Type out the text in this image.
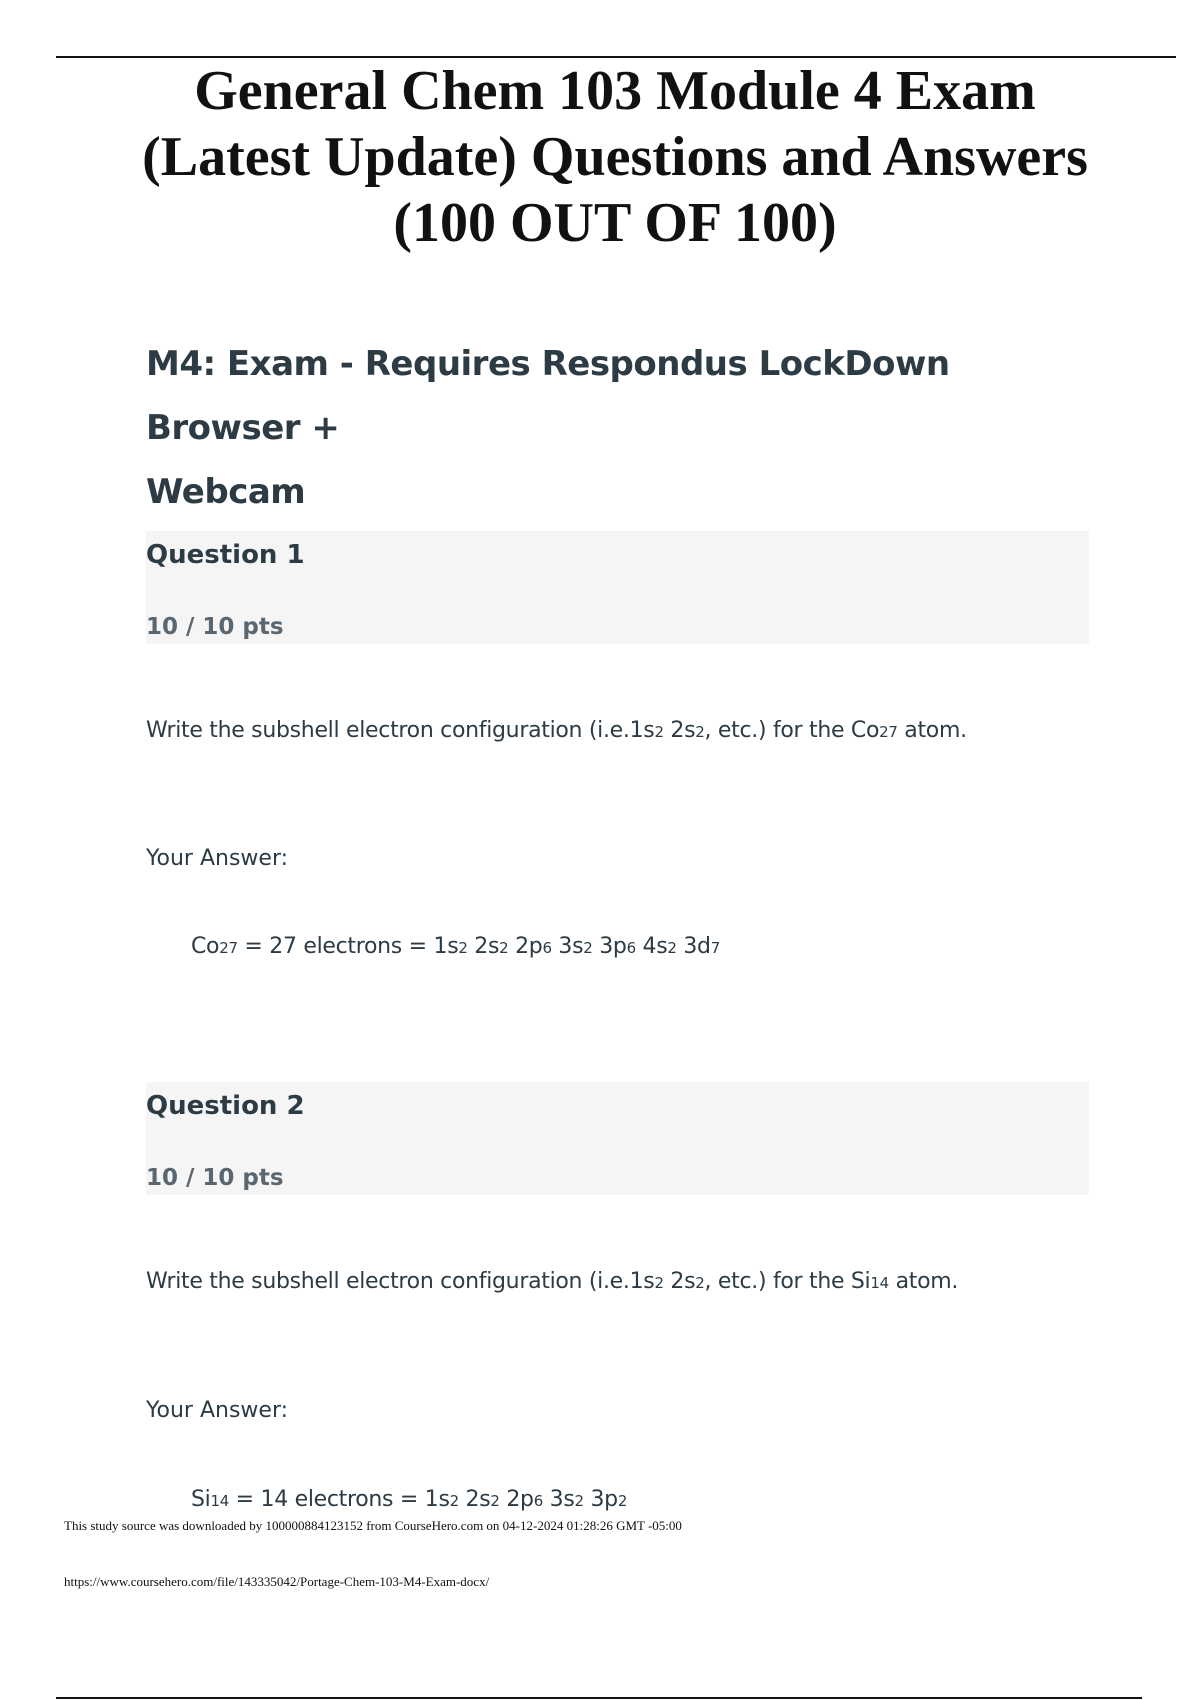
General Chem 103 Module 4 Exam
(Latest Update) Questions and Answers
(100 OUT OF 100)
M4: Exam - Requires Respondus LockDown Browser +
Webcam
Question 1
10 / 10 pts
Write the subshell electron configuration (i.e.1s2 2s2, etc.) for the Co27 atom.
Your Answer:
Co27 = 27 electrons = 1s2 2s2 2p6 3s2 3p6 4s2 3d7
Question 2
10 / 10 pts
Write the subshell electron configuration (i.e.1s2 2s2, etc.) for the Si14 atom.
Your Answer:
Si14 = 14 electrons = 1s2 2s2 2p6 3s2 3p2
This study source was downloaded by 100000884123152 from CourseHero.com on 04-12-2024 01:28:26 GMT -05:00
https://www.coursehero.com/file/143335042/Portage-Chem-103-M4-Exam-docx/
